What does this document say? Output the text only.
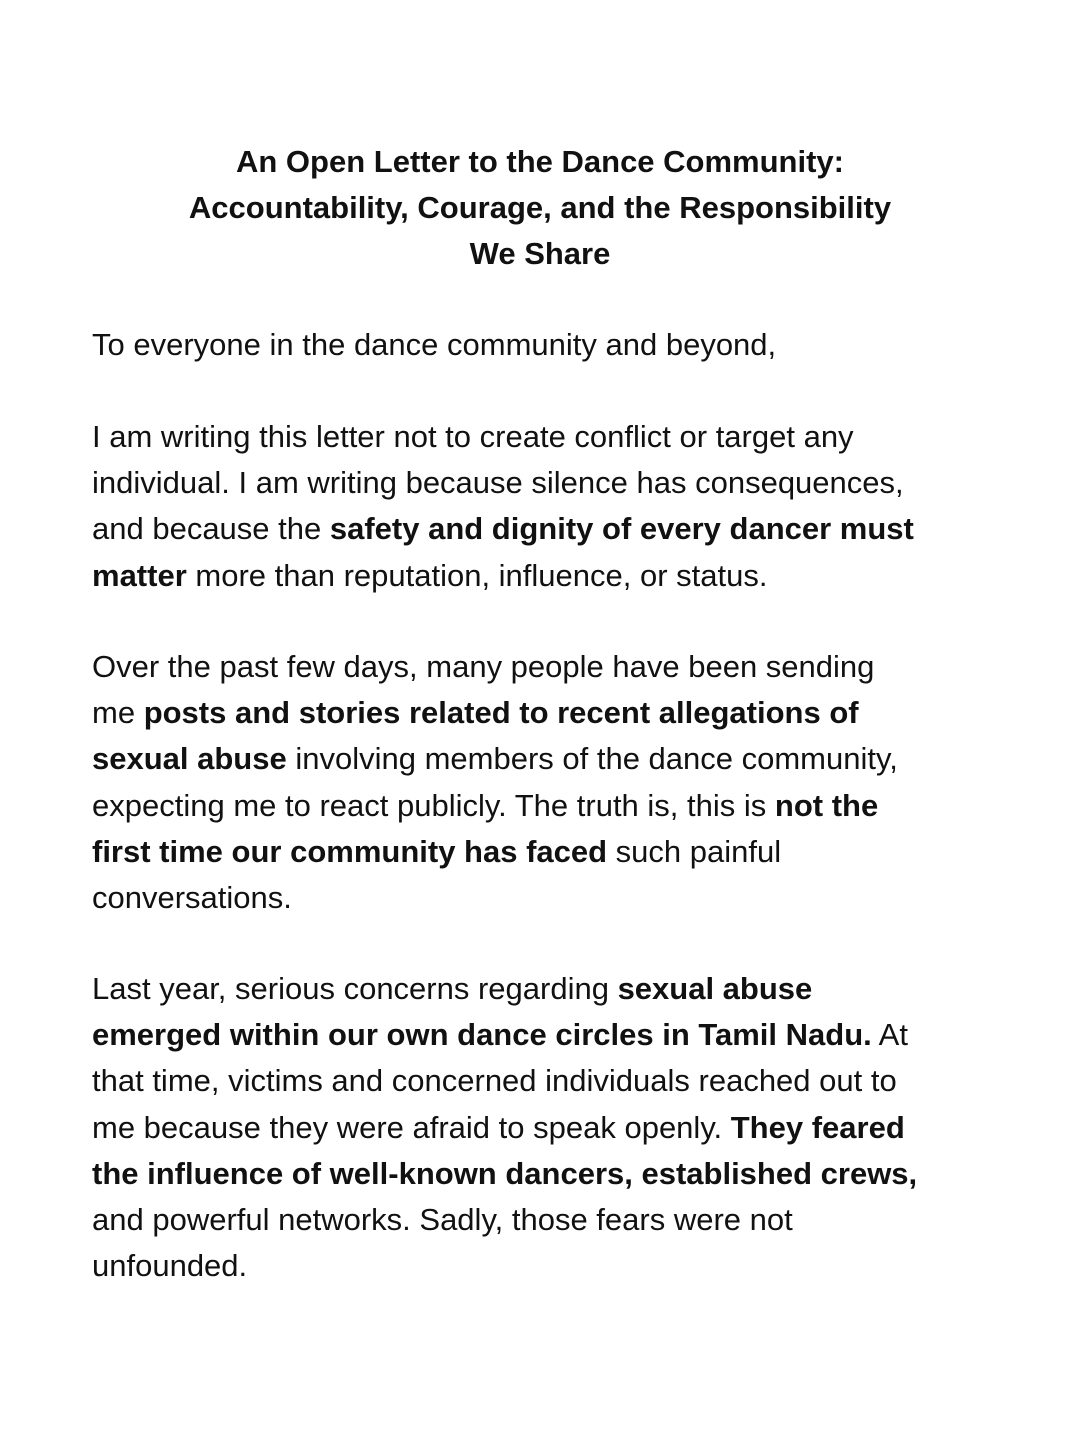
An Open Letter to the Dance Community:
Accountability, Courage, and the Responsibility
We Share

To everyone in the dance community and beyond,

I am writing this letter not to create conflict or target any
individual. I am writing because silence has consequences,
and because the safety and dignity of every dancer must
matter more than reputation, influence, or status.

Over the past few days, many people have been sending
me posts and stories related to recent allegations of
sexual abuse involving members of the dance community,
expecting me to react publicly. The truth is, this is not the
first time our community has faced such painful
conversations.

Last year, serious concerns regarding sexual abuse
emerged within our own dance circles in Tamil Nadu. At
that time, victims and concerned individuals reached out to
me because they were afraid to speak openly. They feared
the influence of well-known dancers, established crews,
and powerful networks. Sadly, those fears were not
unfounded.
